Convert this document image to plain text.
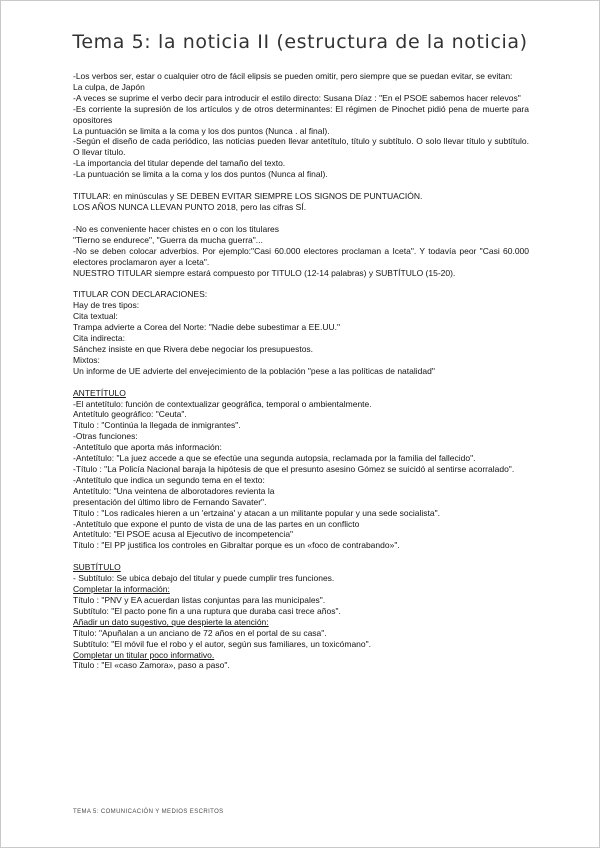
Tema 5: la noticia II (estructura de la noticia)

-Los verbos ser, estar o cualquier otro de fácil elipsis se pueden omitir, pero siempre que se puedan evitar, se evitan:

La culpa, de Japón

-A veces se suprime el verbo decir para introducir el estilo directo: Susana Díaz : "En el PSOE sabemos hacer relevos"

-Es corriente la supresión de los artículos y de otros determinantes: El régimen de Pinochet pidió pena de muerte para opositores

La puntuación se limita a la coma y los dos puntos (Nunca . al final).

-Según el diseño de cada periódico, las noticias pueden llevar antetítulo, título y subtítulo. O solo llevar título y subtítulo. O llevar título.

-La importancia del titular depende del tamaño del texto.

-La puntuación se limita a la coma y los dos puntos (Nunca al final).

TITULAR: en minúsculas y SE DEBEN EVITAR SIEMPRE LOS SIGNOS DE PUNTUACIÓN.

LOS AÑOS NUNCA LLEVAN PUNTO 2018, pero las cifras SÍ.

-No es conveniente hacer chistes en o con los titulares

"Tierno se endurece", "Guerra da mucha guerra"...

-No se deben colocar adverbios. Por ejemplo:"Casi 60.000 electores proclaman a Iceta". Y todavía peor "Casi 60.000 electores proclamaron ayer a Iceta".

NUESTRO TITULAR siempre estará compuesto por TITULO (12-14 palabras) y SUBTÍTULO (15-20).

TITULAR CON DECLARACIONES:

Hay de tres tipos:

Cita textual:

Trampa advierte a Corea del Norte: "Nadie debe subestimar a EE.UU."

Cita indirecta:

Sánchez insiste en que Rivera debe negociar los presupuestos.

Mixtos:

Un informe de UE advierte del envejecimiento de la población "pese a las políticas de natalidad"

ANTETÍTULO

-El antetítulo: función de contextualizar geográfica, temporal o ambientalmente.

Antetítulo geográfico: "Ceuta".

Título : "Continúa la llegada de inmigrantes".

-Otras funciones:

-Antetítulo que aporta más información:

-Antetítulo: "La juez accede a que se efectúe una segunda autopsia, reclamada por la familia del fallecido".

-Título : "La Policía Nacional baraja la hipótesis de que el presunto asesino Gómez se suicidó al sentirse acorralado".

-Antetítulo que indica un segundo tema en el texto:

Antetítulo: "Una veintena de alborotadores revienta la

presentación del último libro de Fernando Savater".

Título : "Los radicales hieren a un 'ertzaina' y atacan a un militante popular y una sede socialista".

-Antetítulo que expone el punto de vista de una de las partes en un conflicto

Antetítulo: "El PSOE acusa al Ejecutivo de incompetencia"

Título : "El PP justifica los controles en Gibraltar porque es un «foco de contrabando»".

SUBTÍTULO

- Subtítulo: Se ubica debajo del titular y puede cumplir tres funciones.

Completar la información:

Título : "PNV y EA acuerdan listas conjuntas para las municipales".

Subtítulo: "El pacto pone fin a una ruptura que duraba casi trece años".

Añadir un dato sugestivo, que despierte la atención:

Título: "Apuñalan a un anciano de 72 años en el portal de su casa".

Subtítulo: "El móvil fue el robo y el autor, según sus familiares, un toxicómano".

Completar un titular poco informativo.

Título : "El «caso Zamora», paso a paso".

TEMA 5: COMUNICACIÓN Y MEDIOS ESCRITOS
